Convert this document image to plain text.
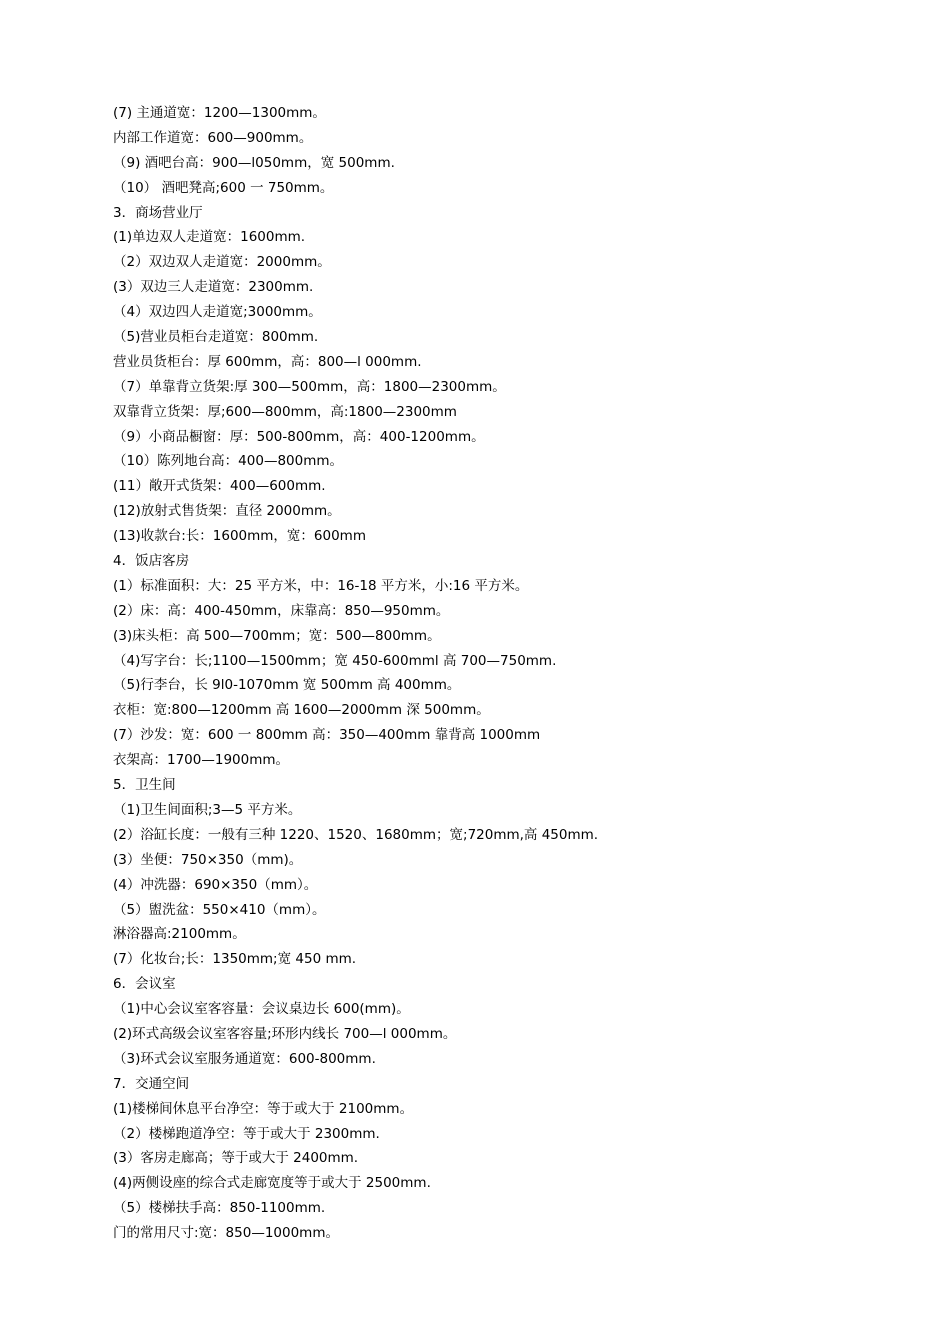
(7) 主通道宽：1200—1300mm。
内部工作道宽：600—900mm。
（9) 酒吧台高：900—l050mm，宽 500mm.
（10） 酒吧凳高;600 一 750mm。
3．商场营业厅
(1)单边双人走道宽：1600mm.
（2）双边双人走道宽：2000mm。
(3）双边三人走道宽：2300mm.
（4）双边四人走道宽;3000mm。
（5)营业员柜台走道宽：800mm.
营业员货柜台：厚 600mm，高：800—l 000mm.
（7）单靠背立货架:厚 300—500mm，高：1800—2300mm。
双靠背立货架：厚;600—800mm，高:1800—2300mm
（9）小商品橱窗：厚：500-800mm，高：400-1200mm。
（10）陈列地台高：400—800mm。
(11）敞开式货架：400—600mm.
(12)放射式售货架：直径 2000mm。
(13)收款台:长：1600mm，宽：600mm
4．饭店客房
(1）标准面积：大：25 平方米，中：16-18 平方米，小:16 平方米。
(2）床：高：400-450mm，床靠高：850—950mm。
(3)床头柜：高 500—700mm；宽：500—800mm。
（4)写字台：长;1100—1500mm；宽 450-600mml 高 700—750mm.
（5)行李台，长 9l0-1070mm 宽 500mm 高 400mm。
衣柜：宽:800—1200mm 高 1600—2000mm 深 500mm。
(7）沙发：宽：600 一 800mm 高：350—400mm 靠背高 1000mm
衣架高：1700—1900mm。
5．卫生间
（1)卫生间面积;3—5 平方米。
(2）浴缸长度：一般有三种 1220、1520、1680mm；宽;720mm,高 450mm.
(3）坐便：750×350（mm)。
(4）冲洗器：690×350（mm）。
（5）盥洗盆：550×410（mm）。
淋浴器高:2100mm。
(7）化妆台;长：1350mm;宽 450 mm.
6．会议室
（1)中心会议室客容量：会议桌边长 600(mm)。
(2)环式高级会议室客容量;环形内线长 700—l 000mm。
（3)环式会议室服务通道宽：600-800mm.
7．交通空间
(1)楼梯间休息平台净空：等于或大于 2100mm。
（2）楼梯跑道净空：等于或大于 2300mm.
(3）客房走廊高；等于或大于 2400mm.
(4)两侧设座的综合式走廊宽度等于或大于 2500mm.
（5）楼梯扶手高：850-1100mm.
门的常用尺寸:宽：850—1000mm。
